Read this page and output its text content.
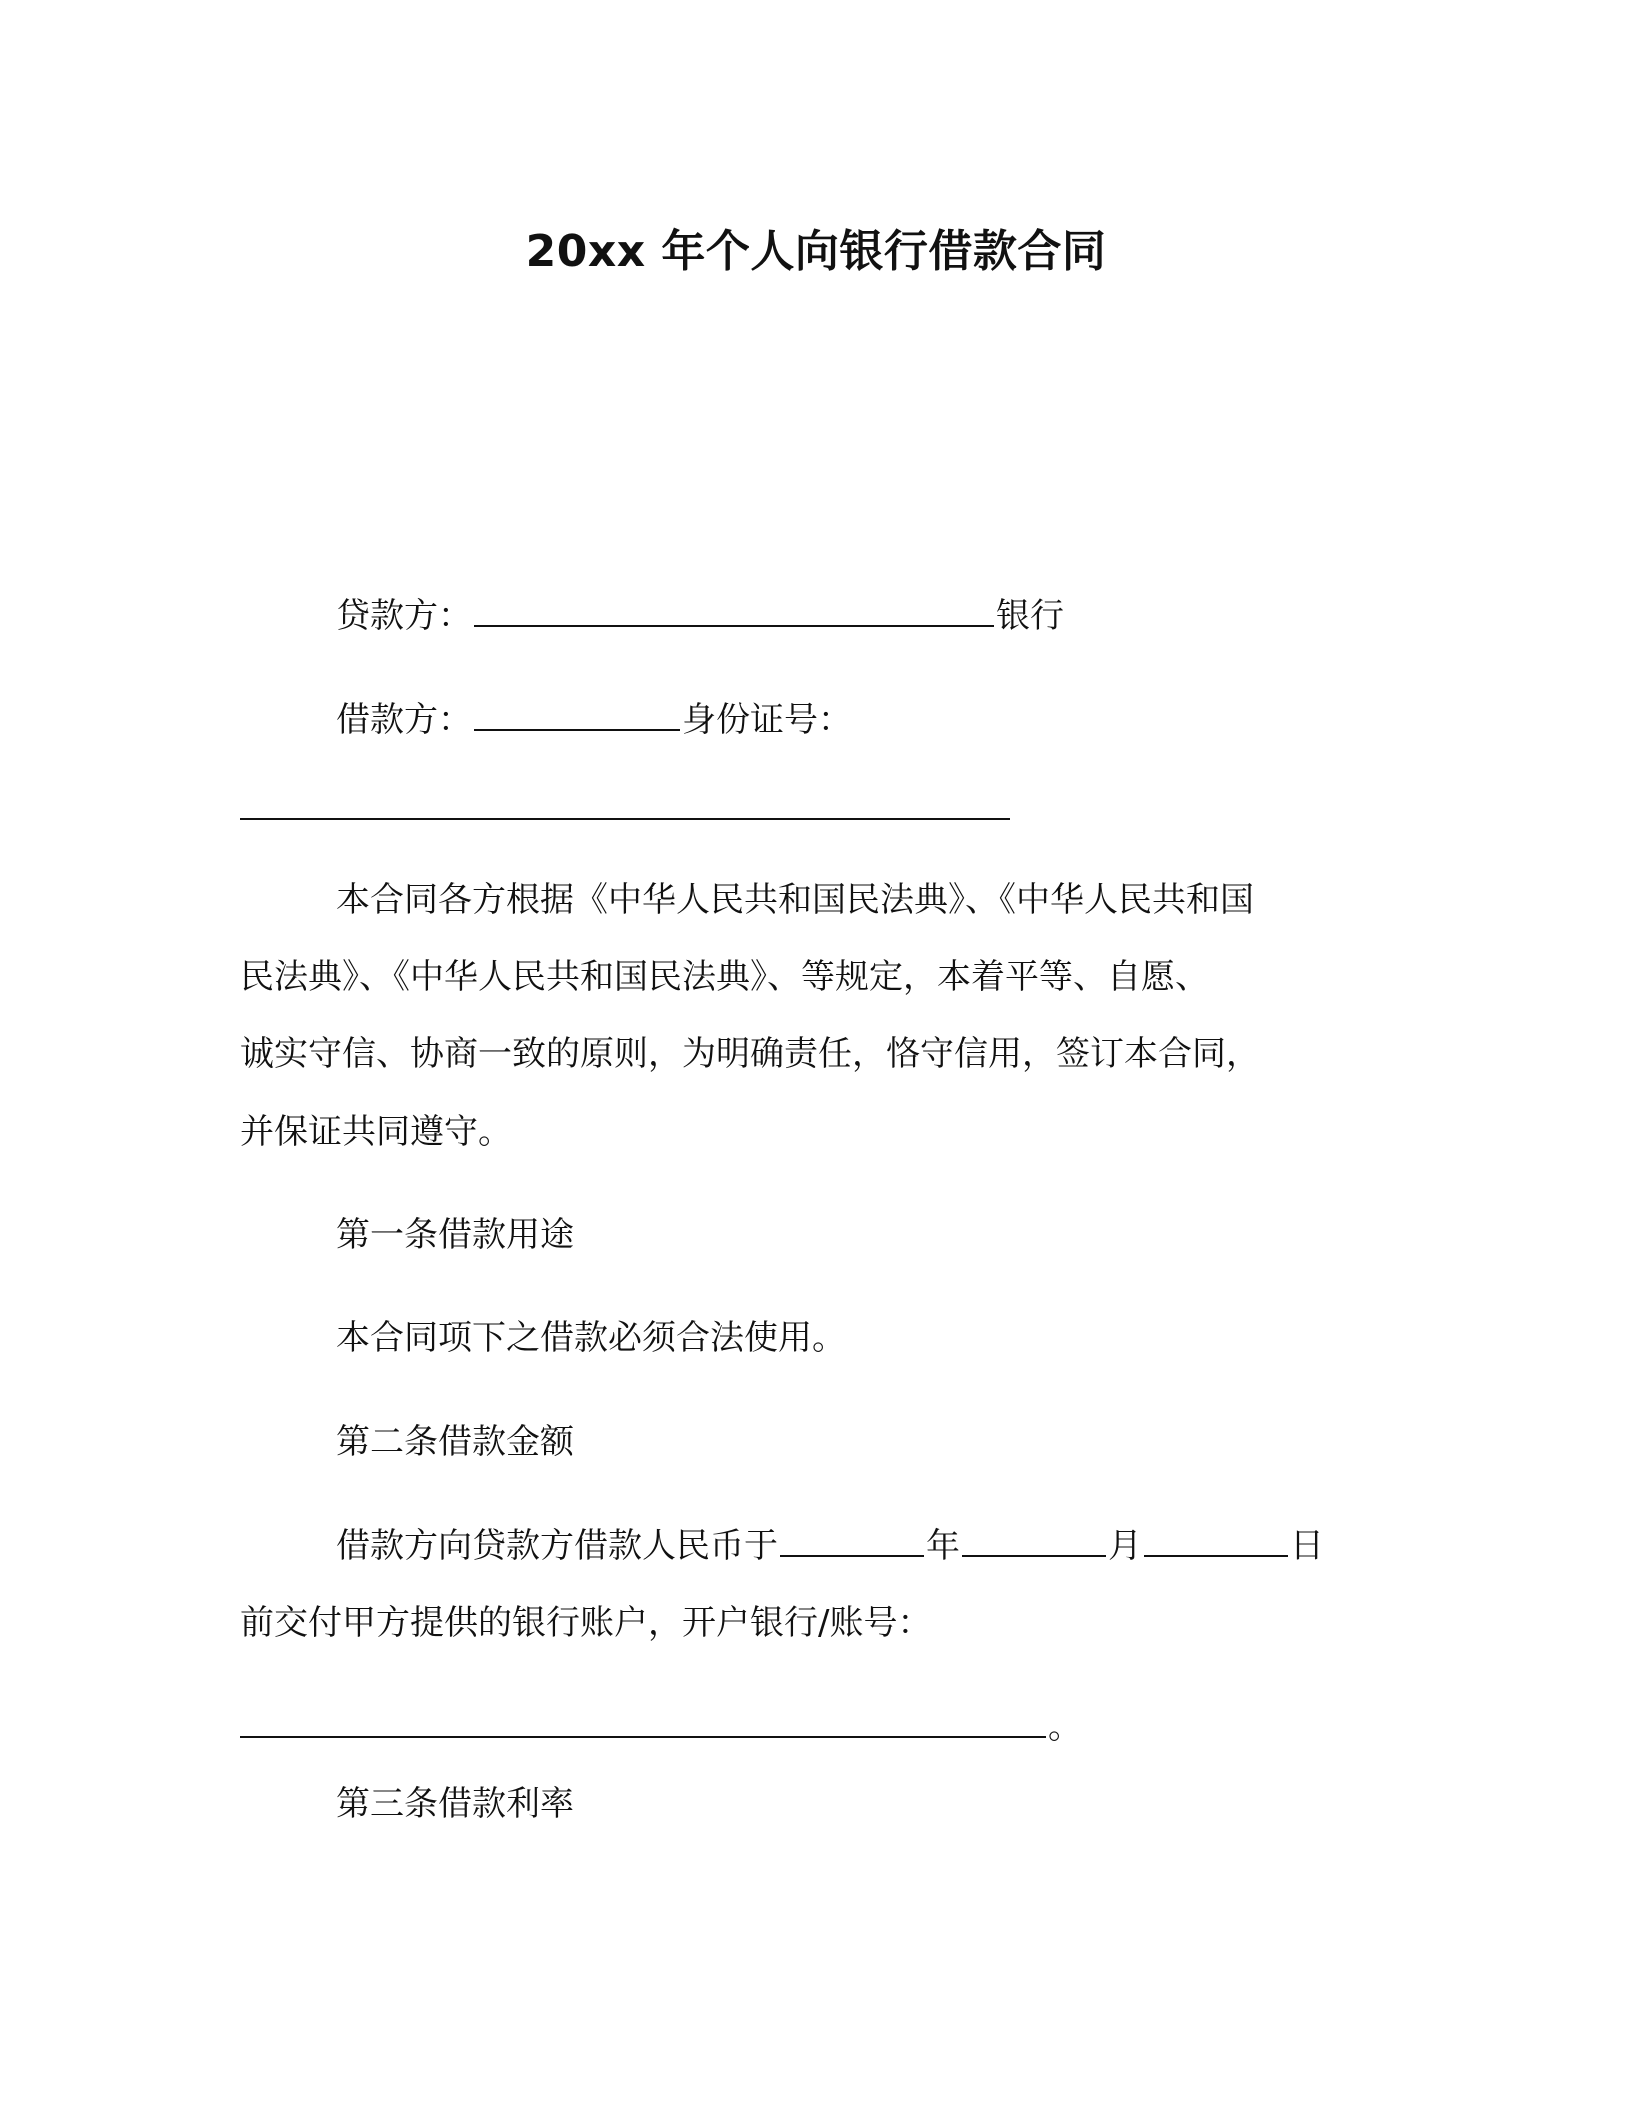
20xx 年个人向银行借款合同
贷款方：	银行
借款方：	身份证号：
本合同各方根据《中华人民共和国民法典》、《中华人民共和国
民法典》、《中华人民共和国民法典》、等规定，本着平等、自愿、
诚实守信、协商一致的原则，为明确责任，恪守信用，签订本合同，
并保证共同遵守。
第一条借款用途
本合同项下之借款必须合法使用。
第二条借款金额
借款方向贷款方借款人民币于	年	月	日
前交付甲方提供的银行账户，开户银行/账号：
。
第三条借款利率
